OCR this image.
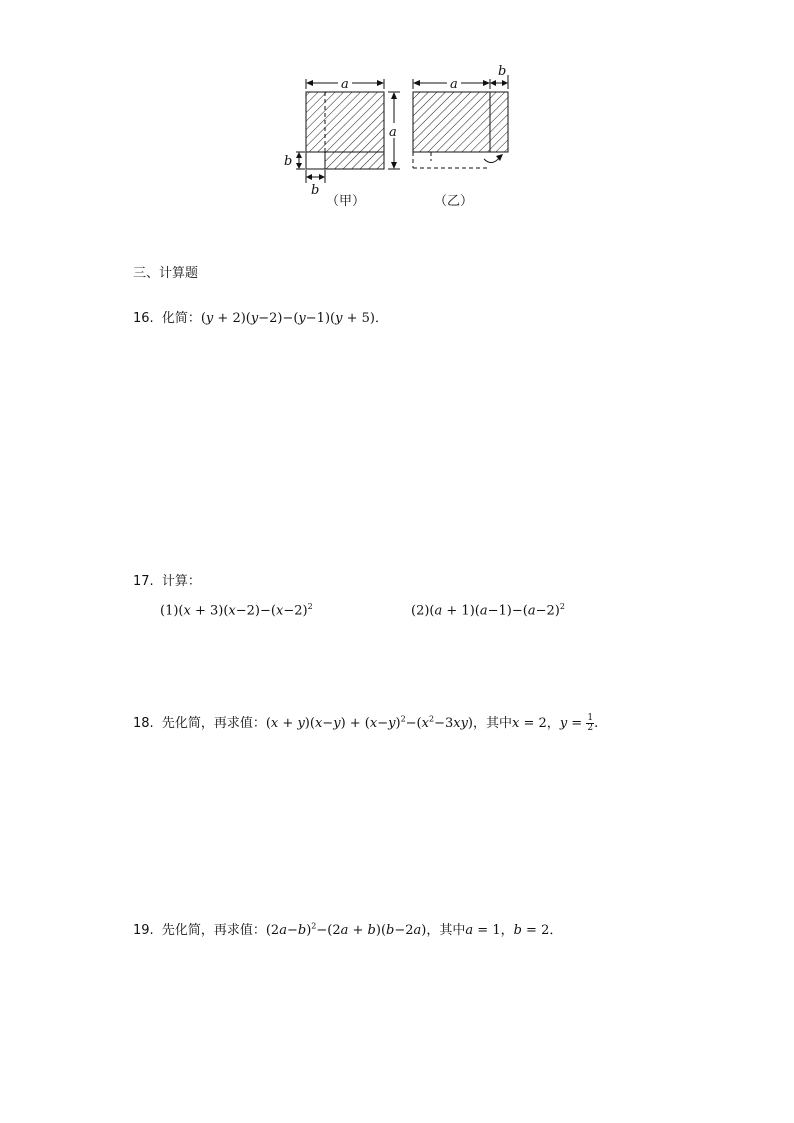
a
a
b
b
（甲）
a
b
（乙）
三、计算题
16. 化简：(y + 2)(y−2)−(y−1)(y + 5)．
17. 计算：
$(1)(x + 3)(x-2)-(x-2)^2$	$(2)(a + 1)(a-1)-(a-2)^2$
18. 先化简，再求值：$(x + y)(x-y) + (x-y)^2-(x^2-3xy)$，其中x = 2，$y = \frac{1}{2}$ .
19. 先化简，再求值：$(2a-b)^2-(2a + b)(b-2a)$，其中a = 1，b = 2．
